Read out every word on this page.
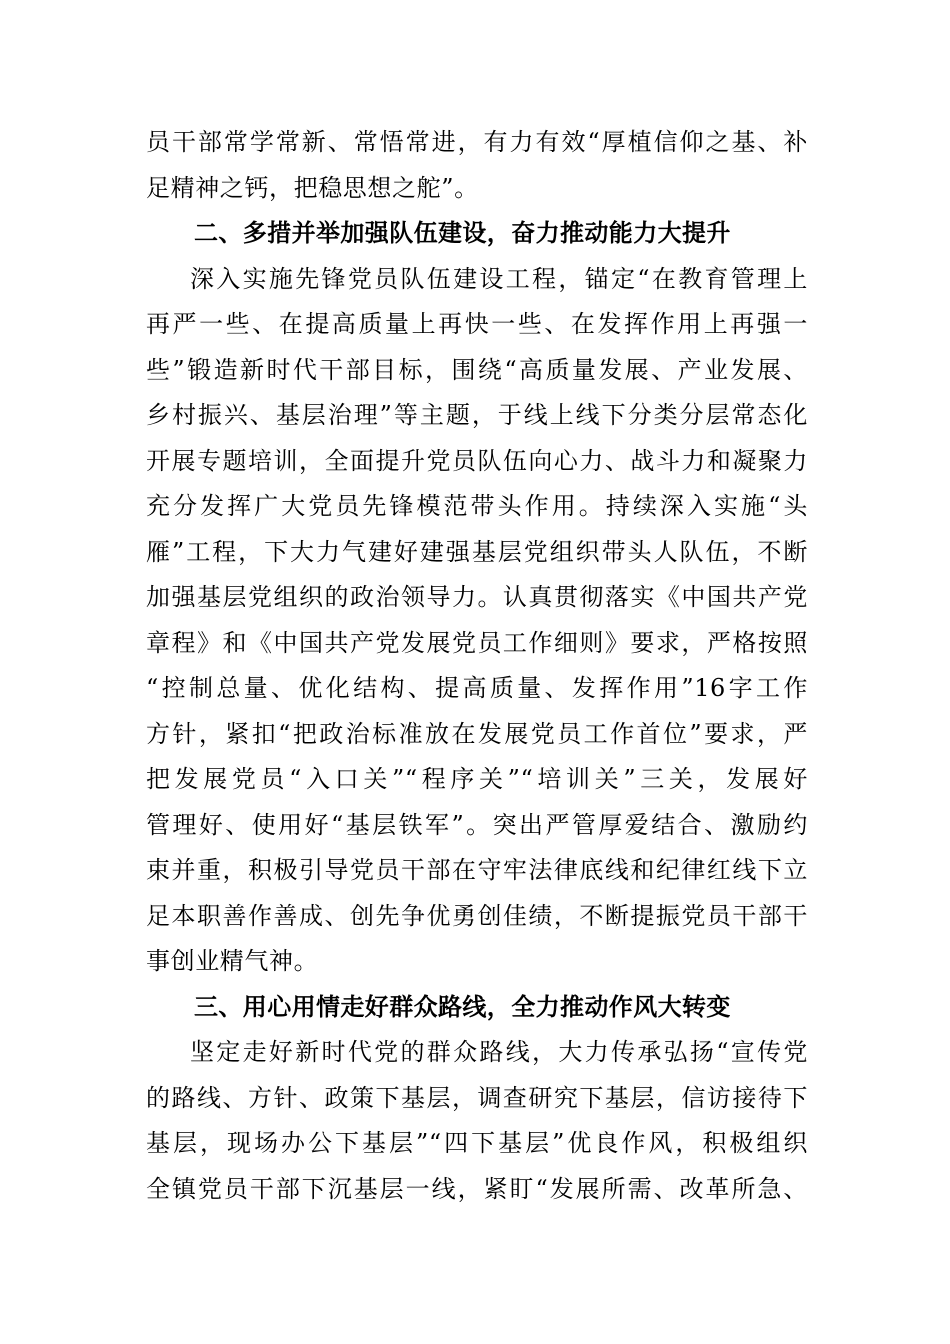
员干部常学常新、常悟常进，有力有效“厚植信仰之基、补
足精神之钙，把稳思想之舵”。
二、多措并举加强队伍建设，奋力推动能力大提升
深入实施先锋党员队伍建设工程，锚定“在教育管理上
再严一些、在提高质量上再快一些、在发挥作用上再强一
些”锻造新时代干部目标，围绕“高质量发展、产业发展、
乡村振兴、基层治理”等主题，于线上线下分类分层常态化
开展专题培训，全面提升党员队伍向心力、战斗力和凝聚力
充分发挥广大党员先锋模范带头作用。持续深入实施“头
雁”工程，下大力气建好建强基层党组织带头人队伍，不断
加强基层党组织的政治领导力。认真贯彻落实《中国共产党
章程》和《中国共产党发展党员工作细则》要求，严格按照
“控制总量、优化结构、提高质量、发挥作用”16字工作
方针，紧扣“把政治标准放在发展党员工作首位”要求，严
把发展党员“入口关”“程序关”“培训关”三关，发展好
管理好、使用好“基层铁军”。突出严管厚爱结合、激励约
束并重，积极引导党员干部在守牢法律底线和纪律红线下立
足本职善作善成、创先争优勇创佳绩，不断提振党员干部干
事创业精气神。
三、用心用情走好群众路线，全力推动作风大转变
坚定走好新时代党的群众路线，大力传承弘扬“宣传党
的路线、方针、政策下基层，调查研究下基层，信访接待下
基层，现场办公下基层”“四下基层”优良作风，积极组织
全镇党员干部下沉基层一线，紧盯“发展所需、改革所急、
